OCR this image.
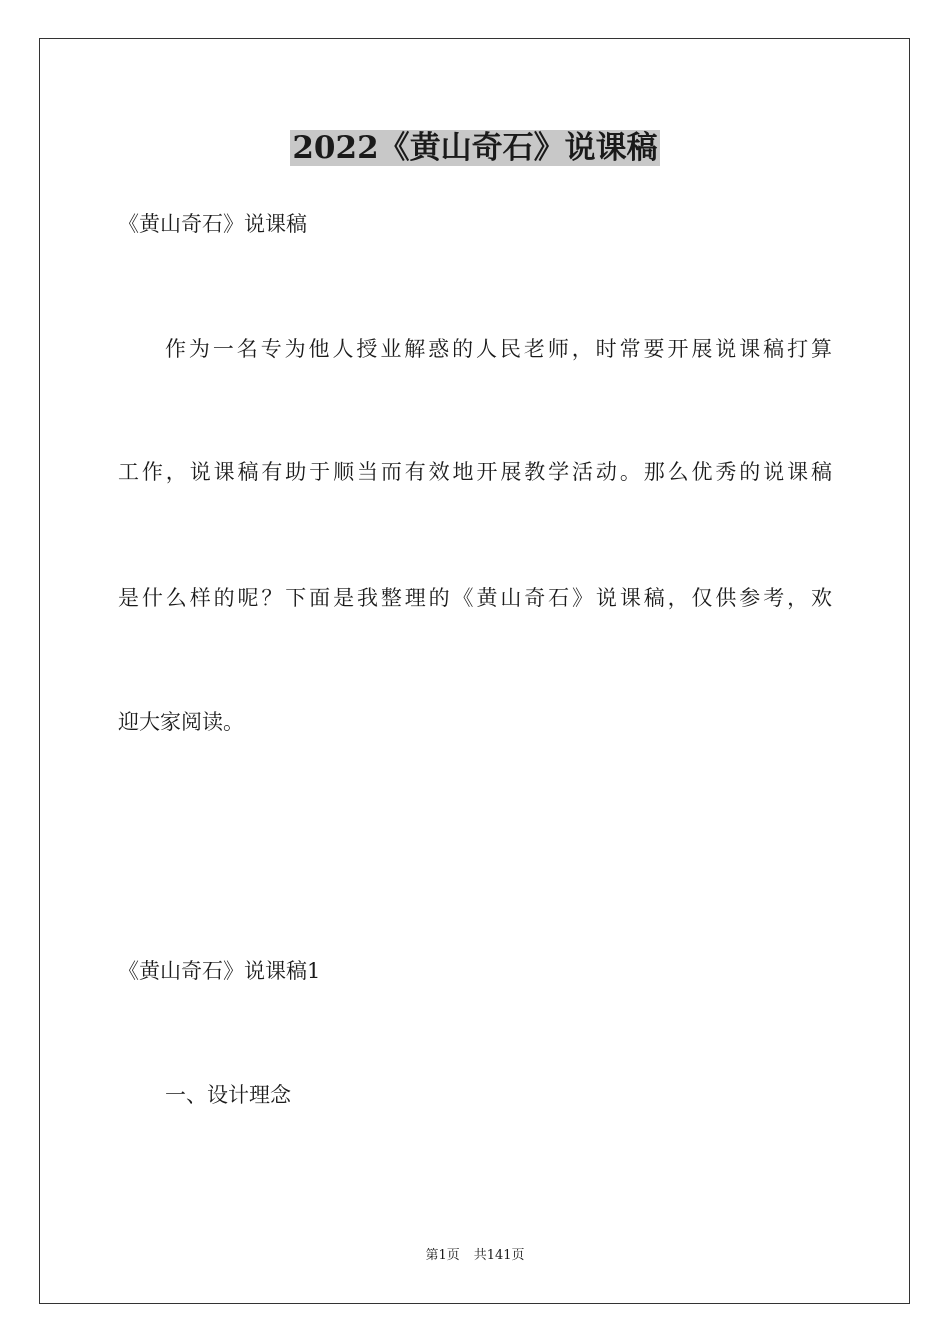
2022《黄山奇石》说课稿
《黄山奇石》说课稿
作为一名专为他人授业解惑的人民老师，时常要开展说课稿打算
工作，说课稿有助于顺当而有效地开展教学活动。那么优秀的说课稿
是什么样的呢？下面是我整理的《黄山奇石》说课稿，仅供参考，欢
迎大家阅读。
《黄山奇石》说课稿1
一、设计理念
第1页 共141页
